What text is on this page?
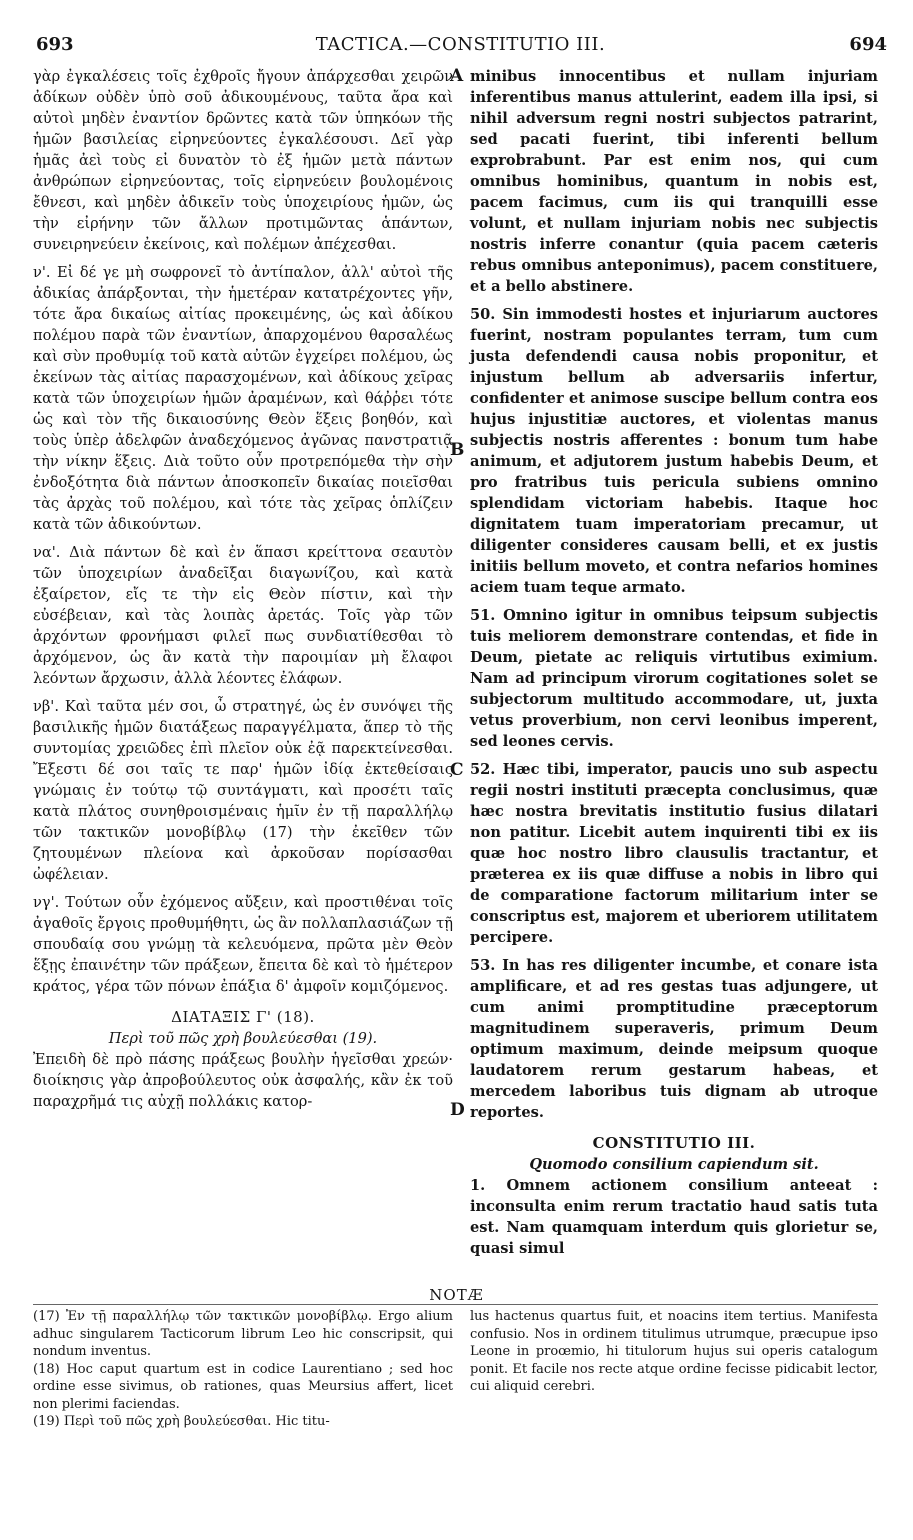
693	TACTICA.—CONSTITUTIO III.	694
A
B
C
D

γὰρ ἐγκαλέσεις τοῖς ἐχθροῖς ἤγουν ἀπάρχεσθαι χειρῶν ἀδίκων οὐδὲν ὑπὸ σοῦ ἀδικουμένους, ταῦτα ἄρα καὶ αὐτοὶ μηδὲν ἐναντίον δρῶντες κατὰ τῶν ὑπηκόων τῆς ἡμῶν βασιλείας εἰρηνεύοντες ἐγκαλέσουσι. Δεῖ γὰρ ἡμᾶς ἀεὶ τοὺς εἰ δυνατὸν τὸ ἐξ ἡμῶν μετὰ πάντων ἀνθρώπων εἰρηνεύοντας, τοῖς εἰρηνεύειν βουλομένοις ἔθνεσι, καὶ μηδὲν ἀδικεῖν τοὺς ὑποχειρίους ἡμῶν, ὡς τὴν εἰρήνην τῶν ἄλλων προτιμῶντας ἁπάντων, συνειρηνεύειν ἐκείνοις, καὶ πολέμων ἀπέχεσθαι.

ν'. Εἰ δέ γε μὴ σωφρονεῖ τὸ ἀντίπαλον, ἀλλ' αὐτοὶ τῆς ἀδικίας ἀπάρξονται, τὴν ἡμετέραν κατατρέχοντες γῆν, τότε ἄρα δικαίως αἰτίας προκειμένης, ὡς καὶ ἀδίκου πολέμου παρὰ τῶν ἐναντίων, ἀπαρχομένου θαρσαλέως καὶ σὺν προθυμίᾳ τοῦ κατὰ αὐτῶν ἐγχείρει πολέμου, ὡς ἐκείνων τὰς αἰτίας παρασχομένων, καὶ ἀδίκους χεῖρας κατὰ τῶν ὑποχειρίων ἡμῶν ἀραμένων, καὶ θάῤῥει τότε ὡς καὶ τὸν τῆς δικαιοσύνης Θεὸν ἕξεις βοηθόν, καὶ τοὺς ὑπὲρ ἀδελφῶν ἀναδεχόμενος ἀγῶνας πανστρατιᾷ τὴν νίκην ἕξεις. Διὰ τοῦτο οὖν προτρεπόμεθα τὴν σὴν ἐνδοξότητα διὰ πάντων ἀποσκοπεῖν δικαίας ποιεῖσθαι τὰς ἀρχὰς τοῦ πολέμου, καὶ τότε τὰς χεῖρας ὁπλίζειν κατὰ τῶν ἀδικούντων.

να'. Διὰ πάντων δὲ καὶ ἐν ἅπασι κρείττονα σεαυτὸν τῶν ὑποχειρίων ἀναδεῖξαι διαγωνίζου, καὶ κατὰ ἐξαίρετον, εἴς τε τὴν εἰς Θεὸν πίστιν, καὶ τὴν εὐσέβειαν, καὶ τὰς λοιπὰς ἀρετάς. Τοῖς γὰρ τῶν ἀρχόντων φρονήμασι φιλεῖ πως συνδιατίθεσθαι τὸ ἀρχόμενον, ὡς ἂν κατὰ τὴν παροιμίαν μὴ ἔλαφοι λεόντων ἄρχωσιν, ἀλλὰ λέοντες ἐλάφων.

νβ'. Καὶ ταῦτα μέν σοι, ὦ στρατηγέ, ὡς ἐν συνόψει τῆς βασιλικῆς ἡμῶν διατάξεως παραγγέλματα, ἅπερ τὸ τῆς συντομίας χρειῶδες ἐπὶ πλεῖον οὐκ ἐᾷ παρεκτείνεσθαι. Ἔξεστι δέ σοι ταῖς τε παρ' ἡμῶν ἰδίᾳ ἐκτεθείσαις γνώμαις ἐν τούτῳ τῷ συντάγματι, καὶ προσέτι ταῖς κατὰ πλάτος συνηθροισμέναις ἡμῖν ἐν τῇ παραλλήλῳ τῶν τακτικῶν μονοβίβλῳ (17) τὴν ἐκεῖθεν τῶν ζητουμένων πλείονα καὶ ἀρκοῦσαν πορίσασθαι ὠφέλειαν.

νγ'. Τούτων οὖν ἐχόμενος αὔξειν, καὶ προστιθέναι τοῖς ἀγαθοῖς ἔργοις προθυμήθητι, ὡς ἂν πολλαπλασιάζων τῇ σπουδαίᾳ σου γνώμῃ τὰ κελευόμενα, πρῶτα μὲν Θεὸν ἕξῃς ἐπαινέτην τῶν πράξεων, ἔπειτα δὲ καὶ τὸ ἡμέτερον κράτος, γέρα τῶν πόνων ἐπάξια δ' ἀμφοῖν κομιζόμενος.

ΔΙΑΤΑΞΙΣ Γ' (18).
Περὶ τοῦ πῶς χρὴ βουλεύεσθαι (19).

Ἐπειδὴ δὲ πρὸ πάσης πράξεως βουλὴν ἡγεῖσθαι χρεών· διοίκησις γὰρ ἀπροβούλευτος οὐκ ἀσφαλής, κἂν ἐκ τοῦ παραχρῆμά τις αὐχῇ πολλάκις κατορ-

minibus innocentibus et nullam injuriam inferentibus manus attulerint, eadem illa ipsi, si nihil adversum regni nostri subjectos patrarint, sed pacati fuerint, tibi inferenti bellum exprobrabunt. Par est enim nos, qui cum omnibus hominibus, quantum in nobis est, pacem facimus, cum iis qui tranquilli esse volunt, et nullam injuriam nobis nec subjectis nostris inferre conantur (quia pacem cæteris rebus omnibus anteponimus), pacem constituere, et a bello abstinere.

50. Sin immodesti hostes et injuriarum auctores fuerint, nostram populantes terram, tum cum justa defendendi causa nobis proponitur, et injustum bellum ab adversariis infertur, confidenter et animose suscipe bellum contra eos hujus injustitiæ auctores, et violentas manus subjectis nostris afferentes : bonum tum habe animum, et adjutorem justum habebis Deum, et pro fratribus tuis pericula subiens omnino splendidam victoriam habebis. Itaque hoc dignitatem tuam imperatoriam precamur, ut diligenter consideres causam belli, et ex justis initiis bellum moveto, et contra nefarios homines aciem tuam teque armato.

51. Omnino igitur in omnibus teipsum subjectis tuis meliorem demonstrare contendas, et fide in Deum, pietate ac reliquis virtutibus eximium. Nam ad principum virorum cogitationes solet se subjectorum multitudo accommodare, ut, juxta vetus proverbium, non cervi leonibus imperent, sed leones cervis.

52. Hæc tibi, imperator, paucis uno sub aspectu regii nostri instituti præcepta conclusimus, quæ hæc nostra brevitatis institutio fusius dilatari non patitur. Licebit autem inquirenti tibi ex iis quæ hoc nostro libro clausulis tractantur, et præterea ex iis quæ diffuse a nobis in libro qui de comparatione factorum militarium inter se conscriptus est, majorem et uberiorem utilitatem percipere.

53. In has res diligenter incumbe, et conare ista amplificare, et ad res gestas tuas adjungere, ut cum animi promptitudine præceptorum magnitudinem superaveris, primum Deum optimum maximum, deinde meipsum quoque laudatorem rerum gestarum habeas, et mercedem laboribus tuis dignam ab utroque reportes.

CONSTITUTIO III.
Quomodo consilium capiendum sit.

1. Omnem actionem consilium anteeat : inconsulta enim rerum tractatio haud satis tuta est. Nam quamquam interdum quis glorietur se, quasi simul

NOTÆ

(17) Ἐν τῇ παραλλήλῳ τῶν τακτικῶν μονοβίβλῳ. Ergo alium adhuc singularem Tacticorum librum Leo hic conscripsit, qui nondum inventus.

(18) Hoc caput quartum est in codice Laurentiano ; sed hoc ordine esse sivimus, ob rationes, quas Meursius affert, licet non plerimi faciendas.

(19) Περὶ τοῦ πῶς χρὴ βουλεύεσθαι. Hic titu-

lus hactenus quartus fuit, et noacins item tertius. Manifesta confusio. Nos in ordinem titulimus utrumque, præcupue ipso Leone in proœmio, hi titulorum hujus sui operis catalogum ponit. Et facile nos recte atque ordine fecisse pidicabit lector, cui aliquid cerebri.
